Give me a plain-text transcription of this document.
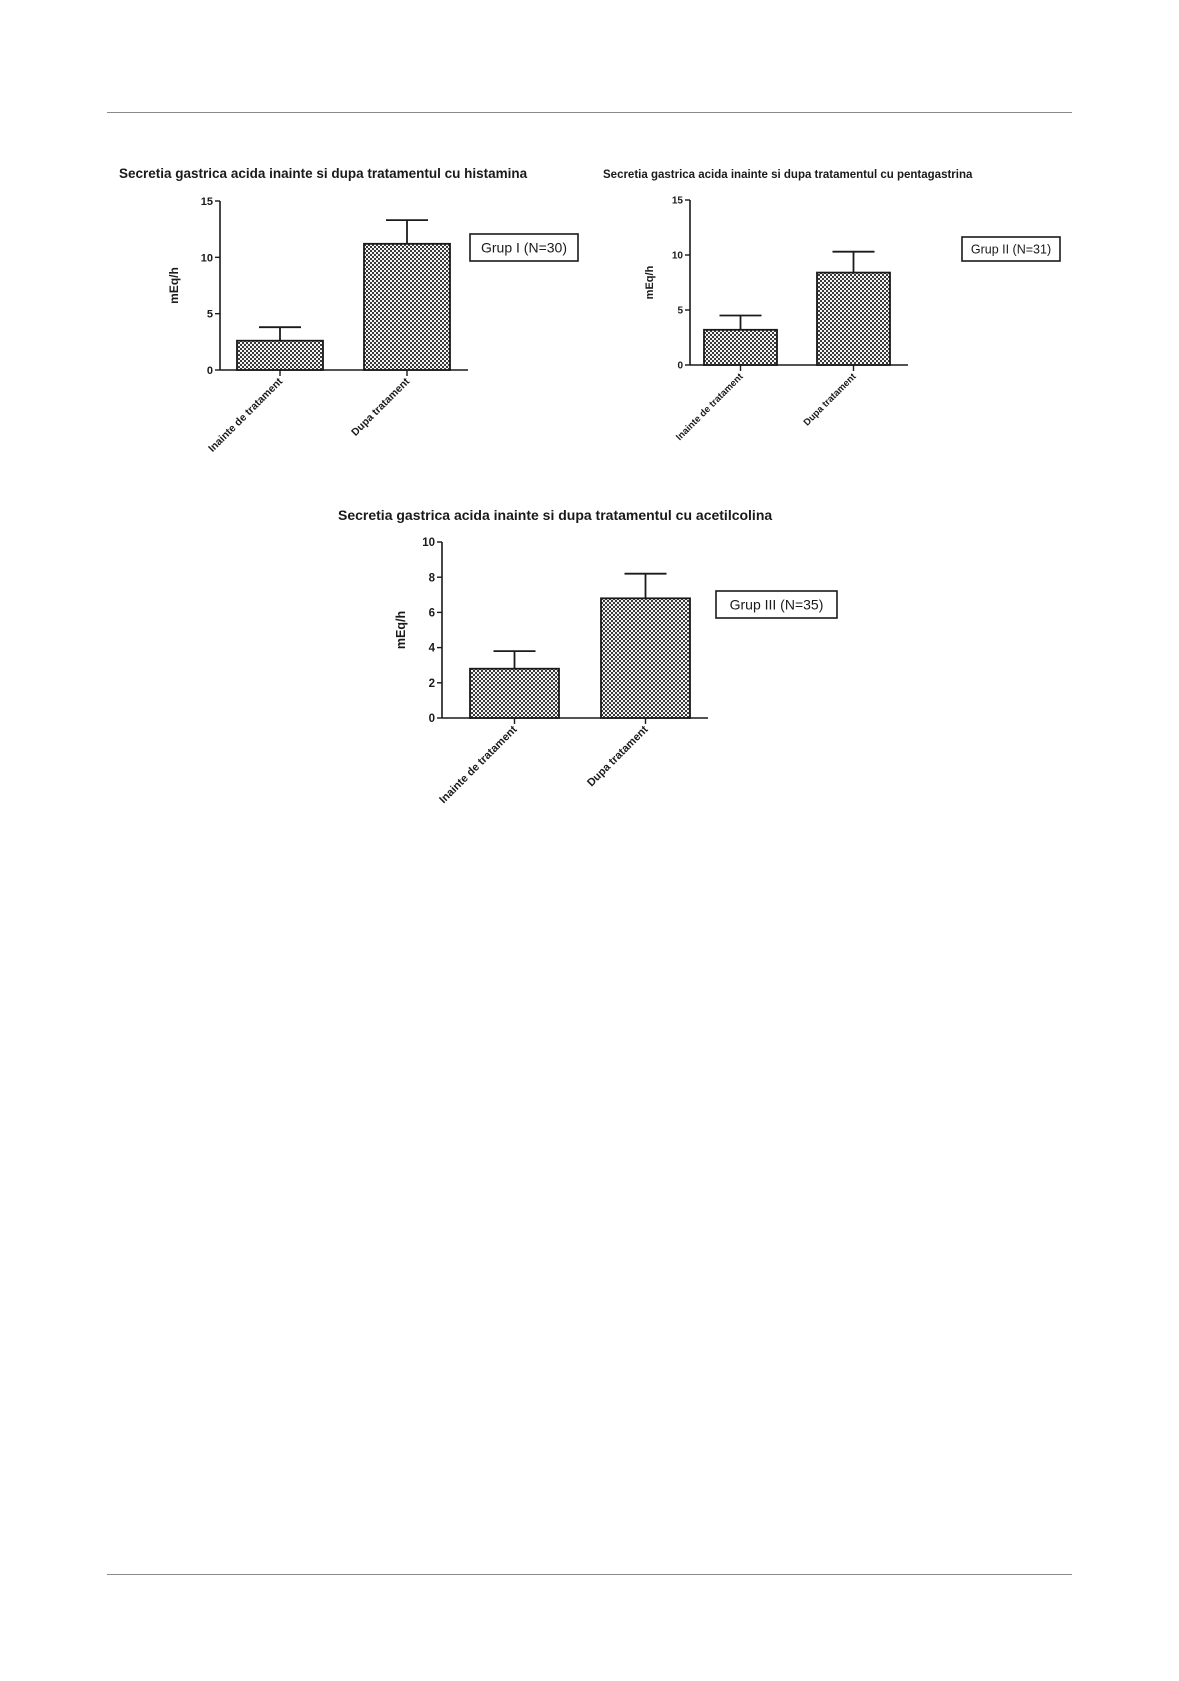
Secretia gastrica acida inainte si dupa tratamentul cu histamina

0
5
10
15
mEq/h
Inainte de tratament	Dupa tratament
Grup I (N=30)

Secretia gastrica acida inainte si dupa tratamentul cu pentagastrina

0
5
10
15
mEq/h
Inainte de tratament	Dupa tratament
Grup II (N=31)

Secretia gastrica acida inainte si dupa tratamentul cu acetilcolina

0
2
4
6
8
10
mEq/h
Inainte de tratament	Dupa tratament
Grup III (N=35)
